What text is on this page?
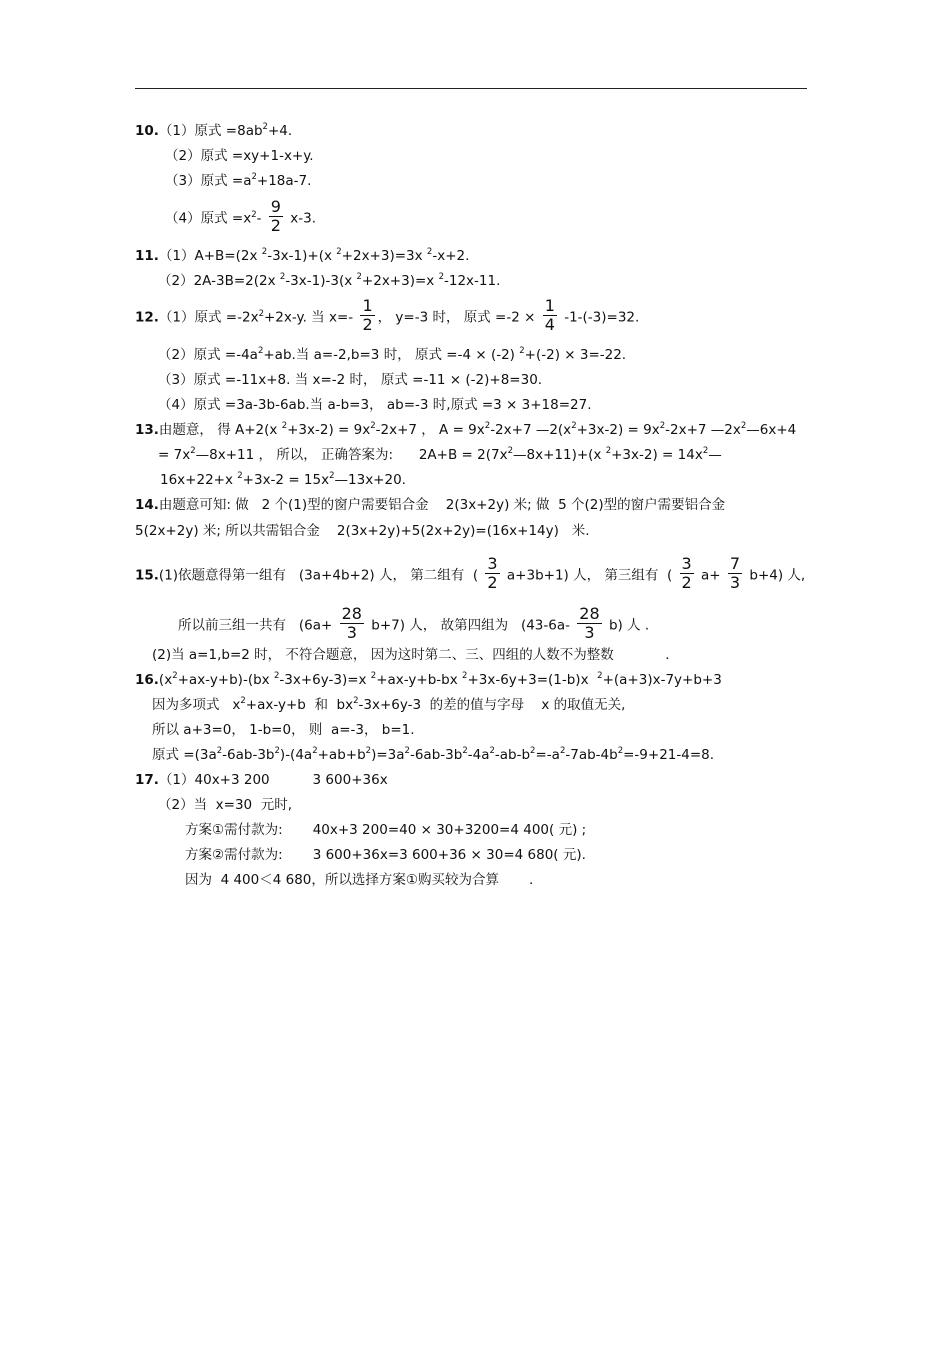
10.（1）原式 $=8ab^2+4$.
（2）原式 =xy+1-x+y.
（3）原式 $=a^2+18a-7$.
（4）原式 $=x^2- \frac{9}{2} x-3$.
11.（1）A+B=(2x $^2$-3x-1)+(x $^2$+2x+3)=3x $^2$-x+2.
（2）2A-3B=2(2x $^2$-3x-1)-3(x $^2$+2x+3)=x $^2$-12x-11.
12.（1）原式 $=-2x^2+2x-y$. 当 $x=- \frac{1}{2}$ ， y=-3 时， 原式 $=-2 \times \frac{1}{4} -1-(-3)=32$.
（2）原式 $=-4a^2+ab$.当 a=-2,b=3 时， 原式 =-4 × (-2) $^2$+(-2) × 3=-22.
（3）原式 =-11x+8. 当 x=-2 时， 原式 =-11 × (-2)+8=30.
（4）原式 =3a-3b-6ab.当 a-b=3， ab=-3 时,原式 =3 × 3+18=27.
13.由题意， 得 A+2(x $^2+3x-2) = 9x^2-2x+7$ ， $A = 9x^2-2x+7$ $—2(x^2+3x-2) = 9x^2-2x+7$ $—2x^2—6x+4$
= $7x^2—8x+11$ ， 所以， 正确答案为:      $2A+B = 2(7x^2—8x+11)+(x$ $^2+3x-2) = 14x^2—$
16x+22+x $^2+3x-2 = 15x^2—13x+20$.
14.由题意可知: 做   2 个(1)型的窗户需要铝合金    2(3x+2y) 米; 做  5 个(2)型的窗户需要铝合金
5(2x+2y) 米; 所以共需铝合金    2(3x+2y)+5(2x+2y)=(16x+14y)   米.
15.(1)依题意得第一组有   (3a+4b+2) 人， 第二组有  ( $\frac{3}{2} a+3b+1$) 人， 第三组有  ( $\frac{3}{2} a+ \frac{7}{3} b+4$) 人,
所以前三组一共有   $(6a+ \frac{28}{3} b+7)$ 人， 故第四组为   $(43-6a- \frac{28}{3} b)$ 人 .
(2)当 a=1,b=2 时， 不符合题意， 因为这时第二、三、四组的人数不为整数            .
$16.(x^2+ax-y+b)-(bx$ $^2$-3x+6y-3)=x $^2$+ax-y+b-bx $^2$+3x-6y+3=(1-b)x  $^2$+(a+3)x-7y+b+3
因为多项式   $x^2+ax-y+b$  和  $bx^2-3x+6y-3$  的差的值与字母    x 的取值无关,
所以 a+3=0， 1-b=0， 则  a=-3， b=1.
原式 $=(3a^2-6ab-3b^2)-(4a^2+ab+b^2)=3a^2-6ab-3b^2-4a^2-ab-b^2=-a^2-7ab-4b^2=-9+21-4=8$.
17.（1）40x+3 200          3 600+36x
（2）当  x=30  元时,
方案①需付款为:       40x+3 200=40 × 30+3200=4 400( 元) ;
方案②需付款为:       3 600+36x=3 600+36 × 30=4 680( 元).
因为  4 400＜4 680，所以选择方案①购买较为合算       .
